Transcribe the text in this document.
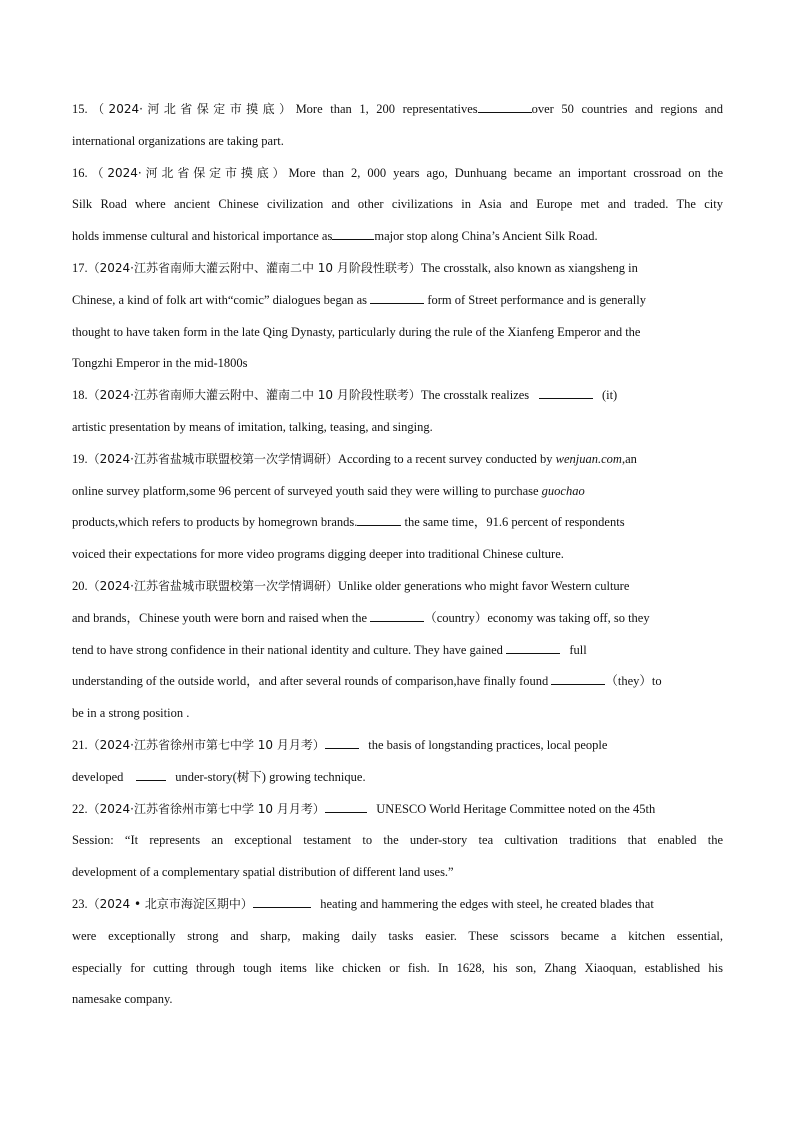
15.（2024·河北省保定市摸底）More than 1, 200 representatives	over 50 countries and regions and
international organizations are taking part.
16.（2024·河北省保定市摸底）More than 2, 000 years ago, Dunhuang became an important crossroad on the
Silk Road where ancient Chinese civilization and other civilizations in Asia and Europe met and traded. The city
holds immense cultural and historical importance as	major stop along China’s Ancient Silk Road.
17.（2024·江苏省南师大灌云附中、灌南二中 10 月阶段性联考）The crosstalk, also known as xiangsheng in
Chinese, a kind of folk art with“comic” dialogues began as	form of Street performance and is generally
thought to have taken form in the late Qing Dynasty, particularly during the rule of the Xianfeng Emperor and the
Tongzhi Emperor in the mid-1800s
18.（2024·江苏省南师大灌云附中、灌南二中 10 月阶段性联考）The crosstalk realizes	(it)
artistic presentation by means of imitation, talking, teasing, and singing.
19.（2024·江苏省盐城市联盟校第一次学情调研）According to a recent survey conducted by wenjuan.com,an
online survey platform,some 96 percent of surveyed youth said they were willing to purchase guochao
products,which refers to products by homegrown brands.	the same time，91.6 percent of respondents
voiced their expectations for more video programs digging deeper into traditional Chinese culture.
20.（2024·江苏省盐城市联盟校第一次学情调研）Unlike older generations who might favor Western culture
and brands，Chinese youth were born and raised when the	（country）economy was taking off, so they
tend to have strong confidence in their national identity and culture. They have gained	full
understanding of the outside world，and after several rounds of comparison,have finally found	（they）to
be in a strong position .
21.（2024·江苏省徐州市第七中学 10 月月考）	the basis of longstanding practices, local people
developed	under-story(树下) growing technique.
22.（2024·江苏省徐州市第七中学 10 月月考）	UNESCO World Heritage Committee noted on the 45th
Session: “It represents an exceptional testament to the under-story tea cultivation traditions that enabled the
development of a complementary spatial distribution of different land uses.”
23.（2024 • 北京市海淀区期中）	heating and hammering the edges with steel, he created blades that
were exceptionally strong and sharp, making daily tasks easier. These scissors became a kitchen essential,
especially for cutting through tough items like chicken or fish. In 1628, his son, Zhang Xiaoquan, established his
namesake company.
